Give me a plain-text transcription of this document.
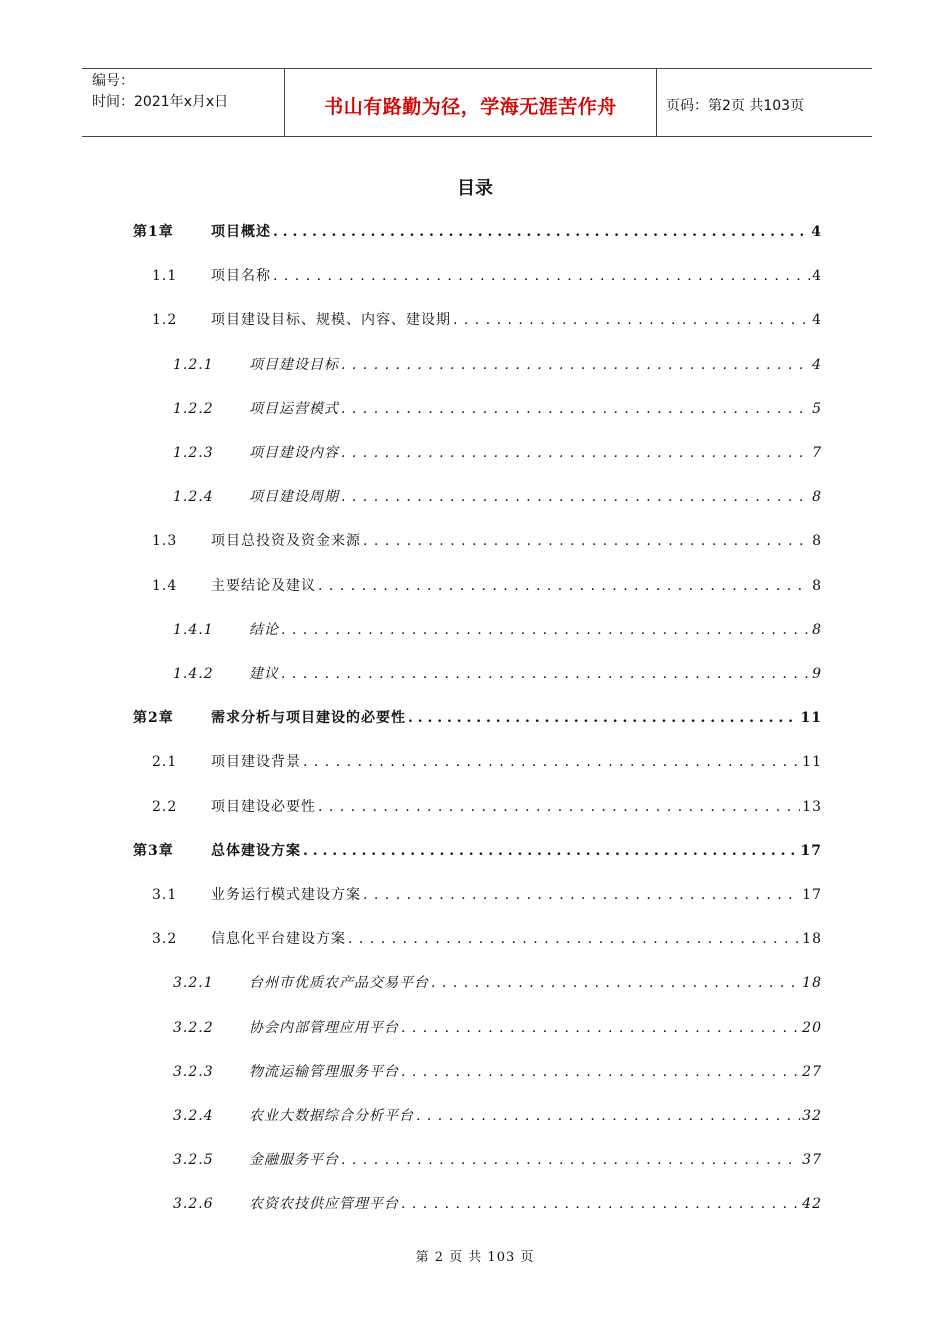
编号：
时间：2021年x月x日	书山有路勤为径，学海无涯苦作舟	页码：第2页 共103页
目录
第1章	项目概述 . . .	4
1.1	项目名称 . . .	4
1.2	项目建设目标、规模、内容、建设期 . . .	4
1.2.1	项目建设目标 . . .	4
1.2.2	项目运营模式 . . .	5
1.2.3	项目建设内容 . . .	7
1.2.4	项目建设周期 . . .	8
1.3	项目总投资及资金来源 . . .	8
1.4	主要结论及建议 . . .	8
1.4.1	结论 . . .	8
1.4.2	建议 . . .	9
第2章	需求分析与项目建设的必要性 . . .	11
2.1	项目建设背景 . . .	11
2.2	项目建设必要性 . . .	13
第3章	总体建设方案 . . .	17
3.1	业务运行模式建设方案 . . .	17
3.2	信息化平台建设方案 . . .	18
3.2.1	台州市优质农产品交易平台 . . .	18
3.2.2	协会内部管理应用平台 . . .	20
3.2.3	物流运输管理服务平台 . . .	27
3.2.4	农业大数据综合分析平台 . . .	32
3.2.5	金融服务平台 . . .	37
3.2.6	农资农技供应管理平台 . . .	42
第 2 页 共 103 页
